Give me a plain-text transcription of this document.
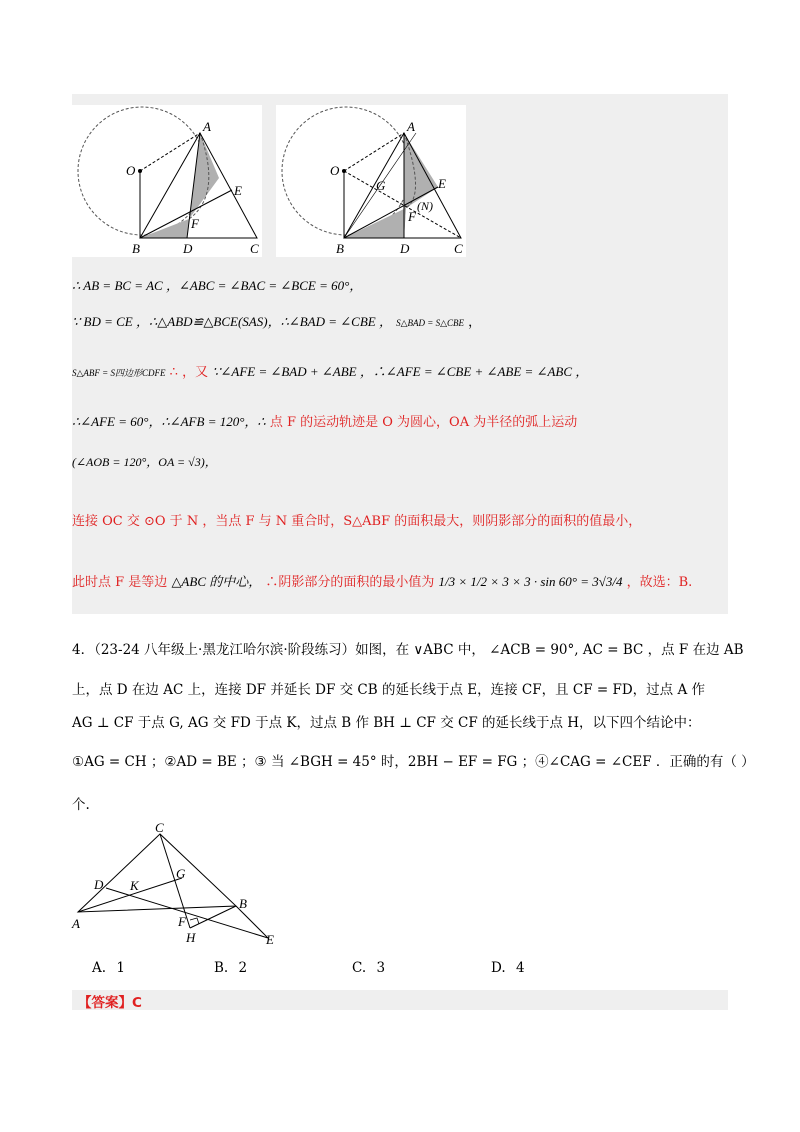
A
O
E
F
B	D	C
A
O
G	E
(N)
F
B	D	C
∴ AB = BC = AC ，∠ABC = ∠BAC = ∠BCE = 60°，
∵ BD = CE ，∴△ABD≌△BCE(SAS)，∴∠BAD = ∠CBE ， S△BAD = S△CBE ，
S△ABF = S四边形CDFE ∴ ，又 ∵∠AFE = ∠BAD + ∠ABE ，∴∠AFE = ∠CBE + ∠ABE = ∠ABC ，
∴∠AFE = 60°，∴∠AFB = 120°，∴ 点 F 的运动轨迹是 O 为圆心，OA 为半径的弧上运动
(∠AOB = 120°，OA = √3)，
连接 OC 交 ⊙O 于 N ，当点 F 与 N 重合时，S△ABF 的面积最大，则阴影部分的面积的值最小，
此时点 F 是等边 △ABC 的中心， ∴阴影部分的面积的最小值为 1/3 × 1/2 × 3 × 3 · sin 60° = 3√3/4 ，故选：B.
4．（23-24 八年级上·黑龙江哈尔滨·阶段练习）如图，在 ∨ABC 中， ∠ACB = 90°, AC = BC ，点 F 在边 AB
上，点 D 在边 AC 上，连接 DF 并延长 DF 交 CB 的延长线于点 E，连接 CF，且 CF = FD，过点 A 作
AG ⊥ CF 于点 G, AG 交 FD 于点 K，过点 B 作 BH ⊥ CF 交 CF 的延长线于点 H，以下四个结论中：
①AG = CH ；②AD = BE ；③ 当 ∠BGH = 45° 时，2BH − EF = FG ；④∠CAG = ∠CEF ．正确的有（ ）
个.
C
D K
G
A	F
B
H	E
A. 1	B. 2	C. 3	D. 4
【答案】C
